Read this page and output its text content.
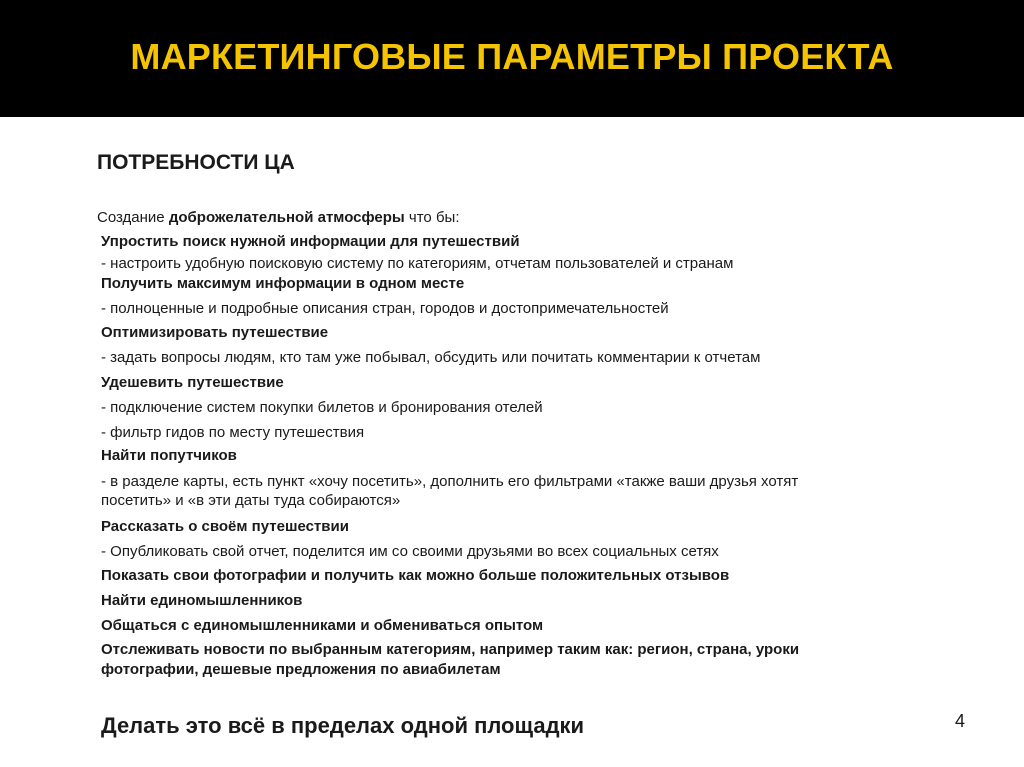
МАРКЕТИНГОВЫЕ ПАРАМЕТРЫ ПРОЕКТА
ПОТРЕБНОСТИ ЦА
Создание доброжелательной атмосферы что бы:
Упростить поиск нужной информации для путешествий
- настроить удобную поисковую систему по категориям, отчетам пользователей и странам
Получить максимум информации в одном месте
- полноценные и подробные описания стран, городов и достопримечательностей
Оптимизировать путешествие
- задать вопросы людям, кто там уже побывал, обсудить или почитать комментарии к отчетам
Удешевить путешествие
- подключение систем покупки билетов и бронирования отелей
- фильтр гидов по месту путешествия
Найти попутчиков
- в разделе карты, есть пункт «хочу посетить», дополнить его фильтрами «также ваши друзья хотят
посетить» и «в эти даты туда собираются»
Рассказать о своём путешествии
- Опубликовать свой отчет, поделится им со своими друзьями во всех социальных сетях
Показать свои фотографии и получить как можно больше положительных отзывов
Найти единомышленников
Общаться с единомышленниками и обмениваться опытом
Отслеживать новости по выбранным категориям, например таким как: регион, страна, уроки
фотографии, дешевые предложения по авиабилетам
Делать это всё в пределах одной площадки	4
